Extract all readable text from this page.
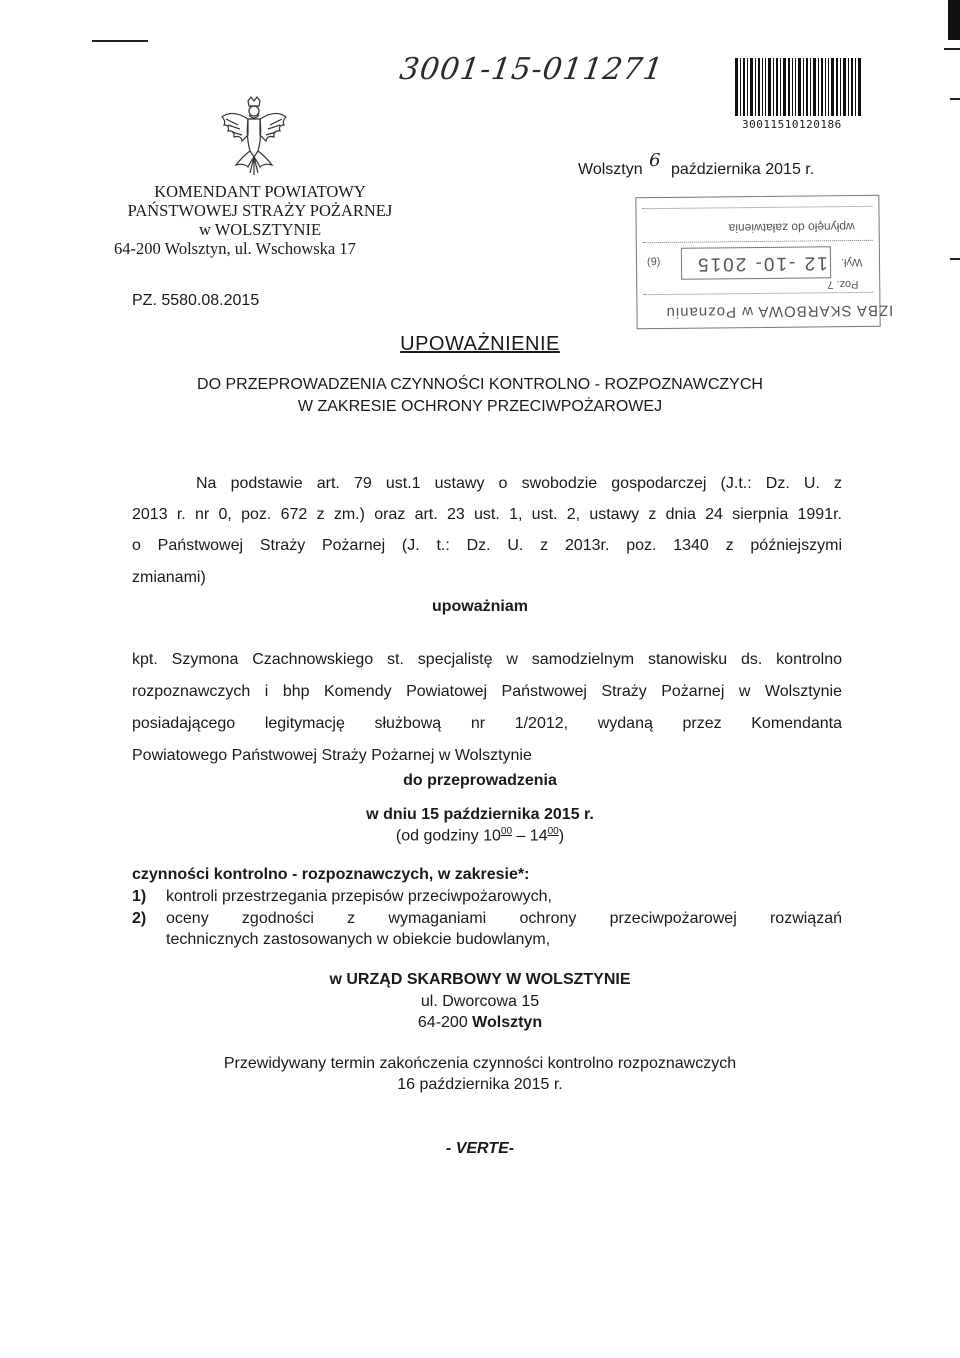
3001-15-011271
300115101201​86
KOMENDANT POWIATOWY
PAŃSTWOWEJ STRAŻY POŻARNEJ
w WOLSZTYNIE
64-200 Wolsztyn, ul. Wschowska 17
Wolsztyn 6 października 2015 r.
PZ. 5580.08.2015
wpłynęło do załatwienia
(9) 12 -10- 2015 Wył.
Poz. 7
IZBA SKARBOWA w Poznaniu
UPOWAŻNIENIE
DO PRZEPROWADZENIA CZYNNOŚCI KONTROLNO - ROZPOZNAWCZYCH
W ZAKRESIE OCHRONY PRZECIWPOŻAROWEJ
Na podstawie art. 79 ust.1 ustawy o swobodzie gospodarczej (J.t.: Dz. U. z
2013 r. nr 0, poz. 672 z zm.) oraz art. 23 ust. 1, ust. 2, ustawy z dnia 24 sierpnia 1991r.
o Państwowej Straży Pożarnej (J. t.: Dz. U. z 2013r. poz. 1340 z późniejszymi
zmianami)
upoważniam
kpt. Szymona Czachnowskiego st. specjalistę w samodzielnym stanowisku ds. kontrolno
rozpoznawczych i bhp Komendy Powiatowej Państwowej Straży Pożarnej w Wolsztynie
posiadającego legitymację służbową nr 1/2012, wydaną przez Komendanta
Powiatowego Państwowej Straży Pożarnej w Wolsztynie
do przeprowadzenia
w dniu 15 października 2015 r.
(od godziny $10^{00} - 14^{00}$)
czynności kontrolno - rozpoznawczych, w zakresie*:
1) kontroli przestrzegania przepisów przeciwpożarowych,
2)	oceny zgodności z wymaganiami ochrony przeciwpożarowej rozwiązań
technicznych zastosowanych w obiekcie budowlanym,
w URZĄD SKARBOWY W WOLSZTYNIE
ul. Dworcowa 15
64-200 Wolsztyn
Przewidywany termin zakończenia czynności kontrolno rozpoznawczych
16 października 2015 r.
- VERTE-
